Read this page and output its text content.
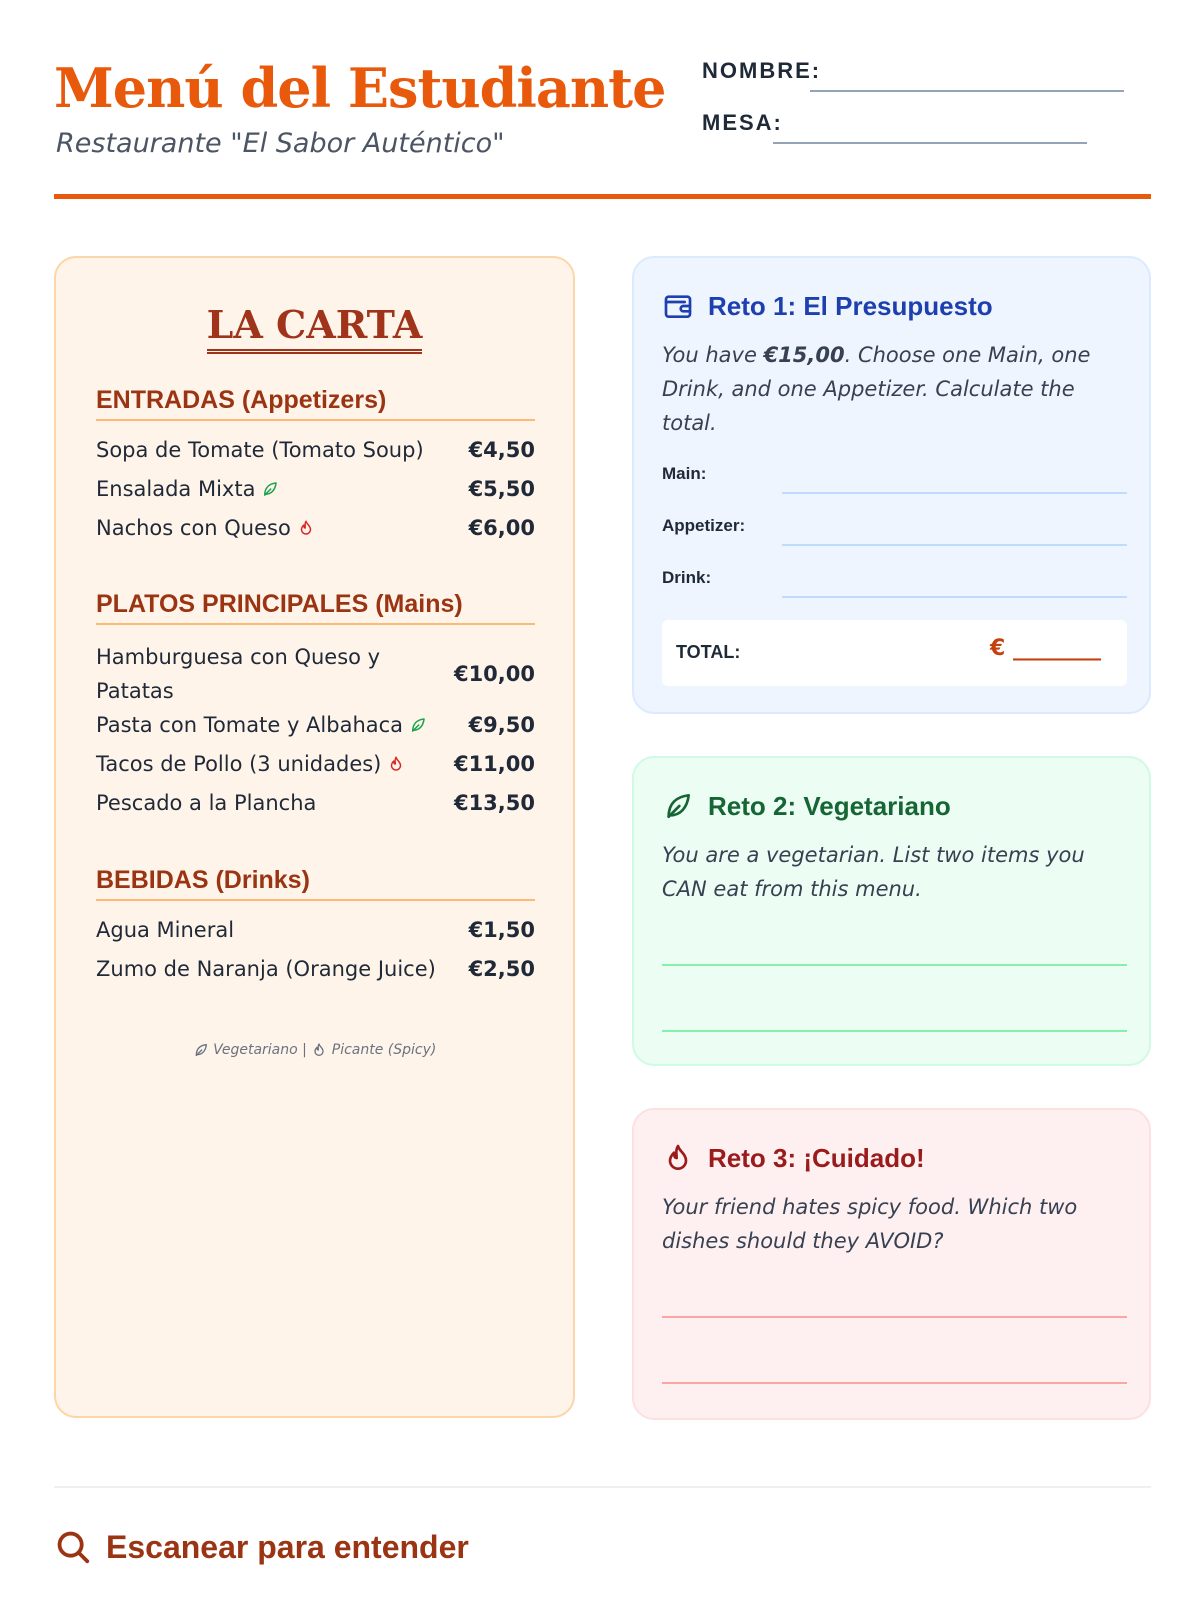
Menú del Estudiante
Restaurante "El Sabor Auténtico"
NOMBRE:
MESA:
LA CARTA
ENTRADAS (Appetizers)
Sopa de Tomate (Tomato Soup) €4,50
Ensalada Mixta	€5,50
Nachos con Queso	€6,00
PLATOS PRINCIPALES (Mains)
Hamburguesa con Queso y Patatas
€10,00
Pasta con Tomate y Albahaca	€9,50
Tacos de Pollo (3 unidades)	€11,00
Pescado a la Plancha	€13,50
BEBIDAS (Drinks)
Agua Mineral	€1,50
Zumo de Naranja (Orange Juice) €2,50
Vegetariano | Picante (Spicy)
Reto 1: El Presupuesto
You have €15,00. Choose one Main, one Drink, and one Appetizer. Calculate the total.
Main:
Appetizer:
Drink:
TOTAL:	€ ________
Reto 2: Vegetariano
You are a vegetarian. List two items you CAN eat from this menu.
Reto 3: ¡Cuidado!
Your friend hates spicy food. Which two dishes should they AVOID?
Escanear para entender
